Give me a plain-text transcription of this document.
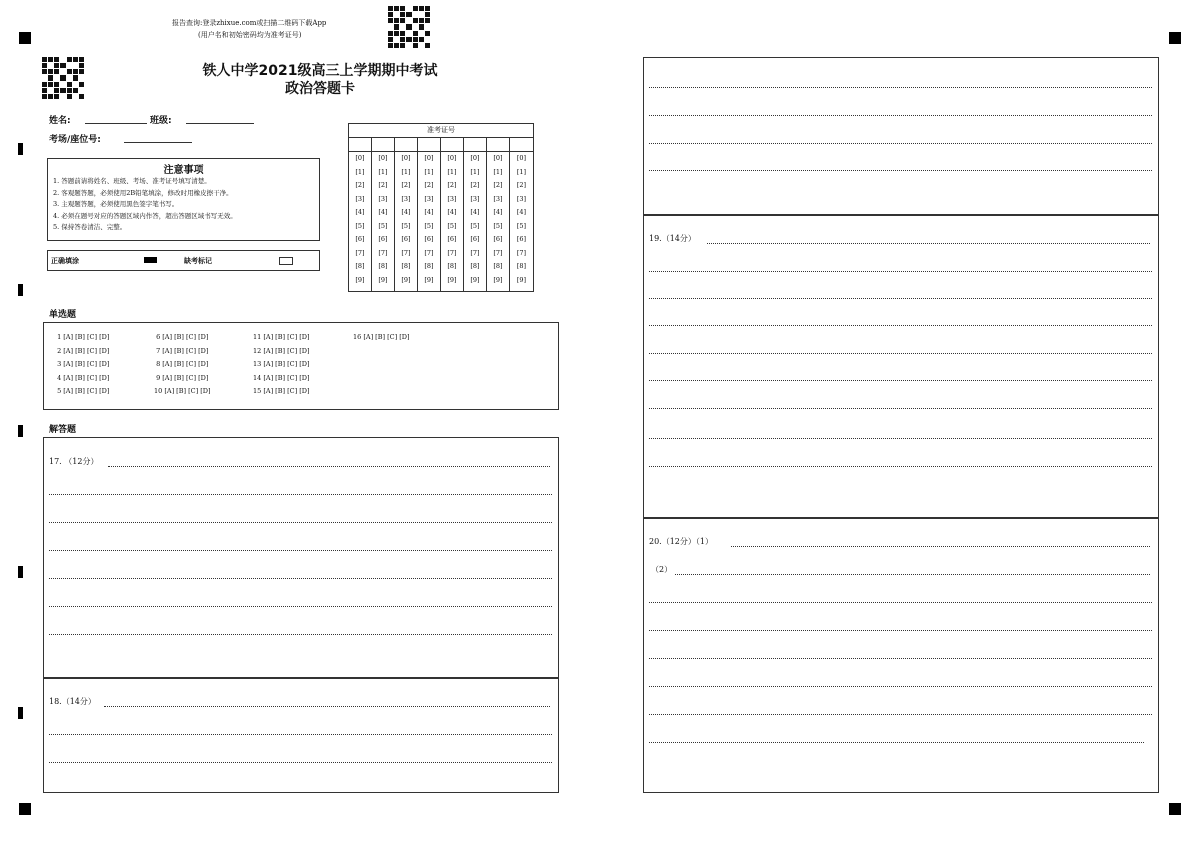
报告查询:登录zhixue.com或扫描二维码下载App
(用户名和初始密码均为准考证号)
铁人中学2021级高三上学期期中考试
政治答题卡
姓名:	班级:
考场/座位号:
注意事项
1. 答题前请将姓名、班级、考场、准考证号填写清楚。
2. 客观题答题，必须使用2B铅笔填涂，修改时用橡皮擦干净。
3. 主观题答题，必须使用黑色签字笔书写。
4. 必须在题号对应的答题区域内作答，超出答题区域书写无效。
5. 保持答卷清洁、完整。
正确填涂	缺考标记
准考证号
[0]
[1]
[2]
[3]
[4]
[5]
[6]
[7]
[8]
[9]
[0]
[1]
[2]
[3]
[4]
[5]
[6]
[7]
[8]
[9]
[0]
[1]
[2]
[3]
[4]
[5]
[6]
[7]
[8]
[9]
[0]
[1]
[2]
[3]
[4]
[5]
[6]
[7]
[8]
[9]
[0]
[1]
[2]
[3]
[4]
[5]
[6]
[7]
[8]
[9]
[0]
[1]
[2]
[3]
[4]
[5]
[6]
[7]
[8]
[9]
[0]
[1]
[2]
[3]
[4]
[5]
[6]
[7]
[8]
[9]
[0]
[1]
[2]
[3]
[4]
[5]
[6]
[7]
[8]
[9]
单选题
1 [A] [B] [C] [D]
2 [A] [B] [C] [D]
3 [A] [B] [C] [D]
4 [A] [B] [C] [D]
5 [A] [B] [C] [D]
6 [A] [B] [C] [D]
7 [A] [B] [C] [D]
8 [A] [B] [C] [D]
9 [A] [B] [C] [D]
10 [A] [B] [C] [D]
11 [A] [B] [C] [D]
12 [A] [B] [C] [D]
13 [A] [B] [C] [D]
14 [A] [B] [C] [D]
15 [A] [B] [C] [D]
16 [A] [B] [C] [D]
解答题
17. （12分）
18.（14分）
19.（14分）
20.（12分）（1）
（2）
